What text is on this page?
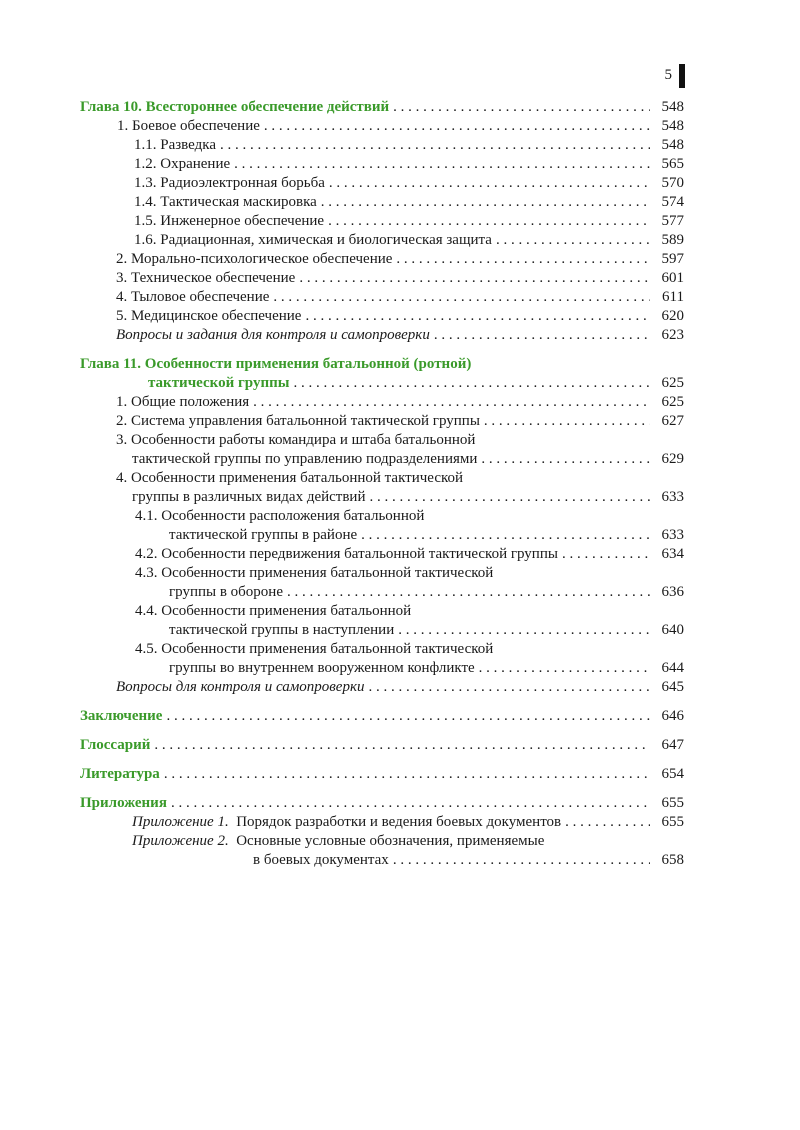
5
Глава 10. Всестороннее обеспечение действий . . .	548
1. Боевое обеспечение . . .	548
1.1. Разведка . . .	548
1.2. Охранение . . .	565
1.3. Радиоэлектронная борьба . . .	570
1.4. Тактическая маскировка . . .	574
1.5. Инженерное обеспечение . . .	577
1.6. Радиационная, химическая и биологическая защита . . .	589
2. Морально-психологическое обеспечение . . .	597
3. Техническое обеспечение . . .	601
4. Тыловое обеспечение . . .	611
5. Медицинское обеспечение . . .	620
Вопросы и задания для контроля и самопроверки . . .	623
Глава 11. Особенности применения батальонной (ротной)
тактической группы . . .	625
1. Общие положения . . .	625
2. Система управления батальонной тактической группы . . .	627
3. Особенности работы командира и штаба батальонной
тактической группы по управлению подразделениями . . .	629
4. Особенности применения батальонной тактической
группы в различных видах действий . . .	633
4.1. Особенности расположения батальонной
тактической группы в районе . . .	633
4.2. Особенности передвижения батальонной тактической группы . . .	634
4.3. Особенности применения батальонной тактической
группы в обороне . . .	636
4.4. Особенности применения батальонной
тактической группы в наступлении . . .	640
4.5. Особенности применения батальонной тактической
группы во внутреннем вооруженном конфликте . . .	644
Вопросы для контроля и самопроверки . . .	645
Заключение . . .	646
Глоссарий . . .	647
Литература . . .	654
Приложения . . .	655
Приложение 1. Порядок разработки и ведения боевых документов . . .	655
Приложение 2. Основные условные обозначения, применяемые
в боевых документах . . .	658
